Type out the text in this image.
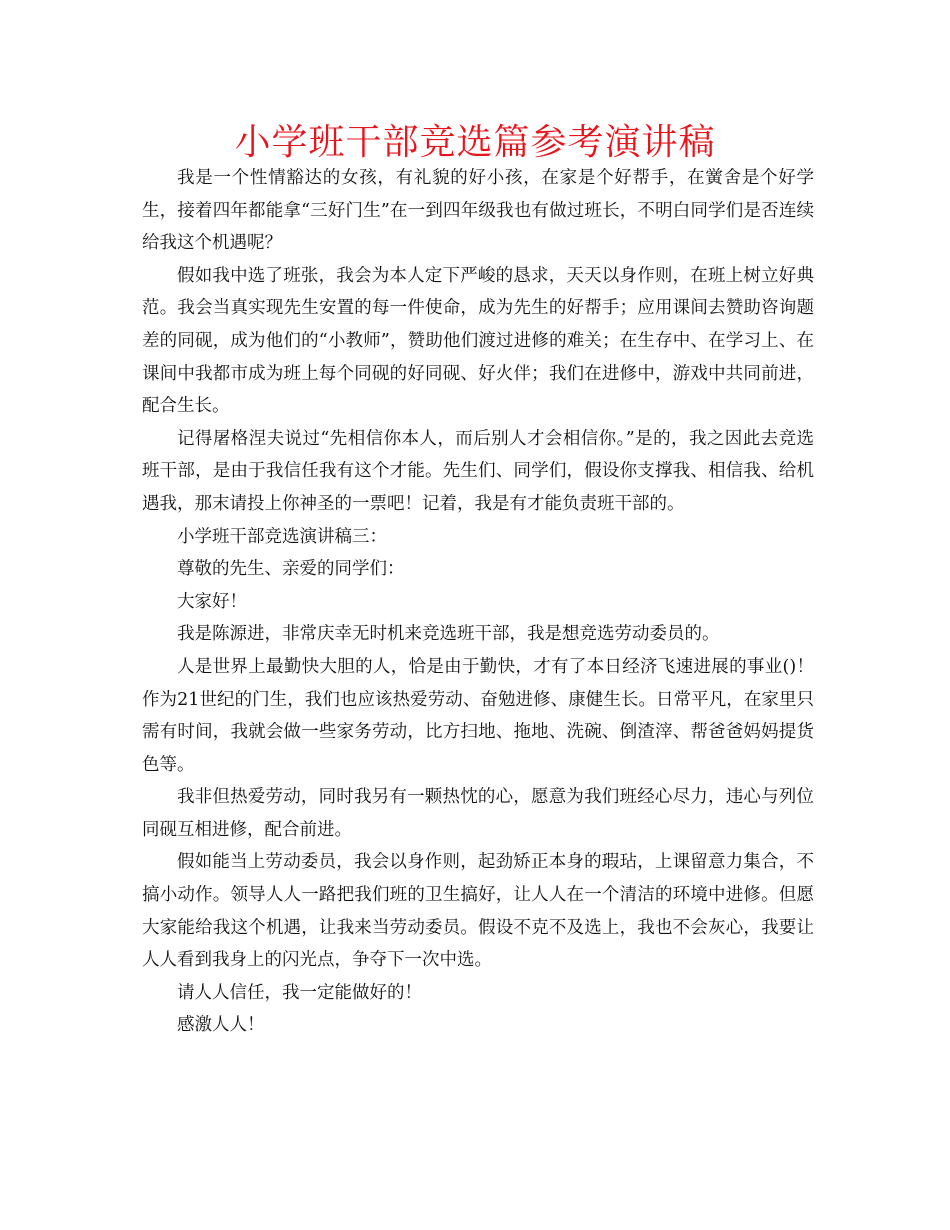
小学班干部竞选篇参考演讲稿

我是一个性情豁达的女孩，有礼貌的好小孩，在家是个好帮手，在黉舍是个好学生，接着四年都能拿“三好门生”在一到四年级我也有做过班长，不明白同学们是否连续给我这个机遇呢？

假如我中选了班张，我会为本人定下严峻的恳求，天天以身作则，在班上树立好典范。我会当真实现先生安置的每一件使命，成为先生的好帮手；应用课间去赞助咨询题差的同砚，成为他们的“小教师”，赞助他们渡过进修的难关；在生存中、在学习上、在课间中我都市成为班上每个同砚的好同砚、好火伴；我们在进修中，游戏中共同前进，配合生长。

记得屠格涅夫说过“先相信你本人，而后别人才会相信你。”是的，我之因此去竞选班干部，是由于我信任我有这个才能。先生们、同学们，假设你支撑我、相信我、给机遇我，那末请投上你神圣的一票吧！记着，我是有才能负责班干部的。

小学班干部竞选演讲稿三：

尊敬的先生、亲爱的同学们：

大家好！

我是陈源进，非常庆幸无时机来竞选班干部，我是想竞选劳动委员的。

人是世界上最勤快大胆的人，恰是由于勤快，才有了本日经济飞速进展的事业()！作为21世纪的门生，我们也应该热爱劳动、奋勉进修、康健生长。日常平凡，在家里只需有时间，我就会做一些家务劳动，比方扫地、拖地、洗碗、倒渣滓、帮爸爸妈妈提货色等。

我非但热爱劳动，同时我另有一颗热忱的心，愿意为我们班经心尽力，违心与列位同砚互相进修，配合前进。

假如能当上劳动委员，我会以身作则，起劲矫正本身的瑕玷，上课留意力集合，不搞小动作。领导人人一路把我们班的卫生搞好，让人人在一个清洁的环境中进修。但愿大家能给我这个机遇，让我来当劳动委员。假设不克不及选上，我也不会灰心，我要让人人看到我身上的闪光点，争夺下一次中选。

请人人信任，我一定能做好的！

感激人人！
